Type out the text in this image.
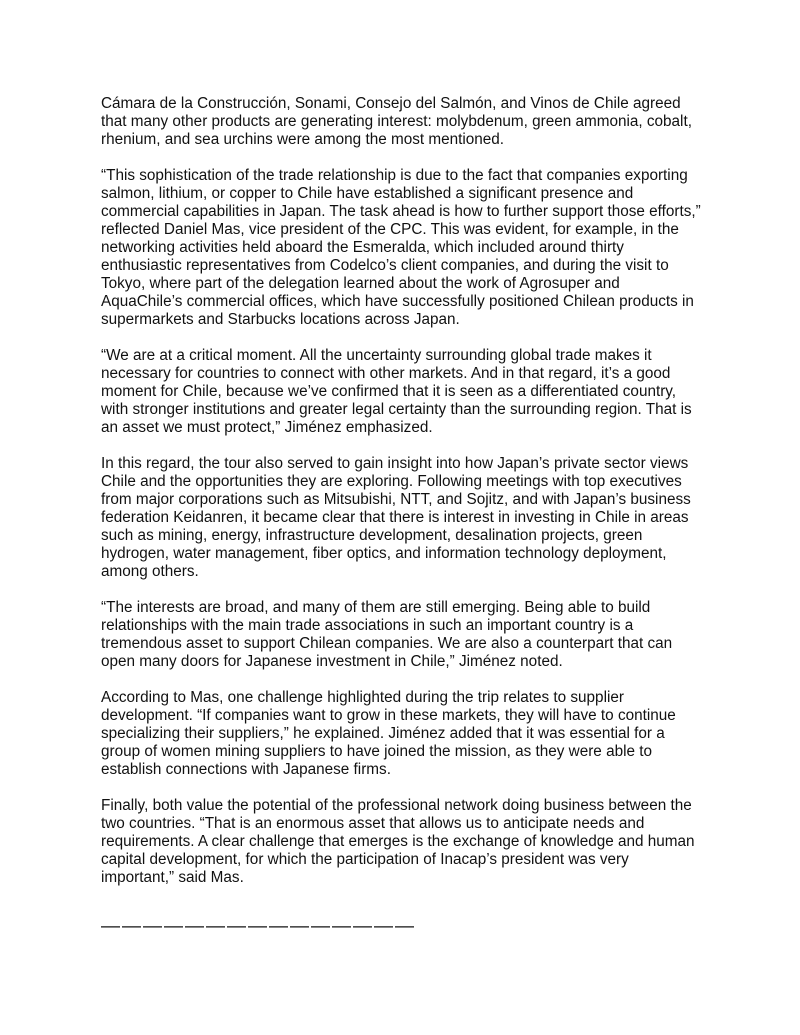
Cámara de la Construcción, Sonami, Consejo del Salmón, and Vinos de Chile agreed that many other products are generating interest: molybdenum, green ammonia, cobalt, rhenium, and sea urchins were among the most mentioned.

“This sophistication of the trade relationship is due to the fact that companies exporting salmon, lithium, or copper to Chile have established a significant presence and commercial capabilities in Japan. The task ahead is how to further support those efforts,” reflected Daniel Mas, vice president of the CPC. This was evident, for example, in the networking activities held aboard the Esmeralda, which included around thirty enthusiastic representatives from Codelco’s client companies, and during the visit to Tokyo, where part of the delegation learned about the work of Agrosuper and AquaChile’s commercial offices, which have successfully positioned Chilean products in supermarkets and Starbucks locations across Japan.

“We are at a critical moment. All the uncertainty surrounding global trade makes it necessary for countries to connect with other markets. And in that regard, it’s a good moment for Chile, because we’ve confirmed that it is seen as a differentiated country, with stronger institutions and greater legal certainty than the surrounding region. That is an asset we must protect,” Jiménez emphasized.

In this regard, the tour also served to gain insight into how Japan’s private sector views Chile and the opportunities they are exploring. Following meetings with top executives from major corporations such as Mitsubishi, NTT, and Sojitz, and with Japan’s business federation Keidanren, it became clear that there is interest in investing in Chile in areas such as mining, energy, infrastructure development, desalination projects, green hydrogen, water management, fiber optics, and information technology deployment, among others.

“The interests are broad, and many of them are still emerging. Being able to build relationships with the main trade associations in such an important country is a tremendous asset to support Chilean companies. We are also a counterpart that can open many doors for Japanese investment in Chile,” Jiménez noted.

According to Mas, one challenge highlighted during the trip relates to supplier development. “If companies want to grow in these markets, they will have to continue specializing their suppliers,” he explained. Jiménez added that it was essential for a group of women mining suppliers to have joined the mission, as they were able to establish connections with Japanese firms.

Finally, both value the potential of the professional network doing business between the two countries. “That is an enormous asset that allows us to anticipate needs and requirements. A clear challenge that emerges is the exchange of knowledge and human capital development, for which the participation of Inacap’s president was very important,” said Mas.

———————————————
